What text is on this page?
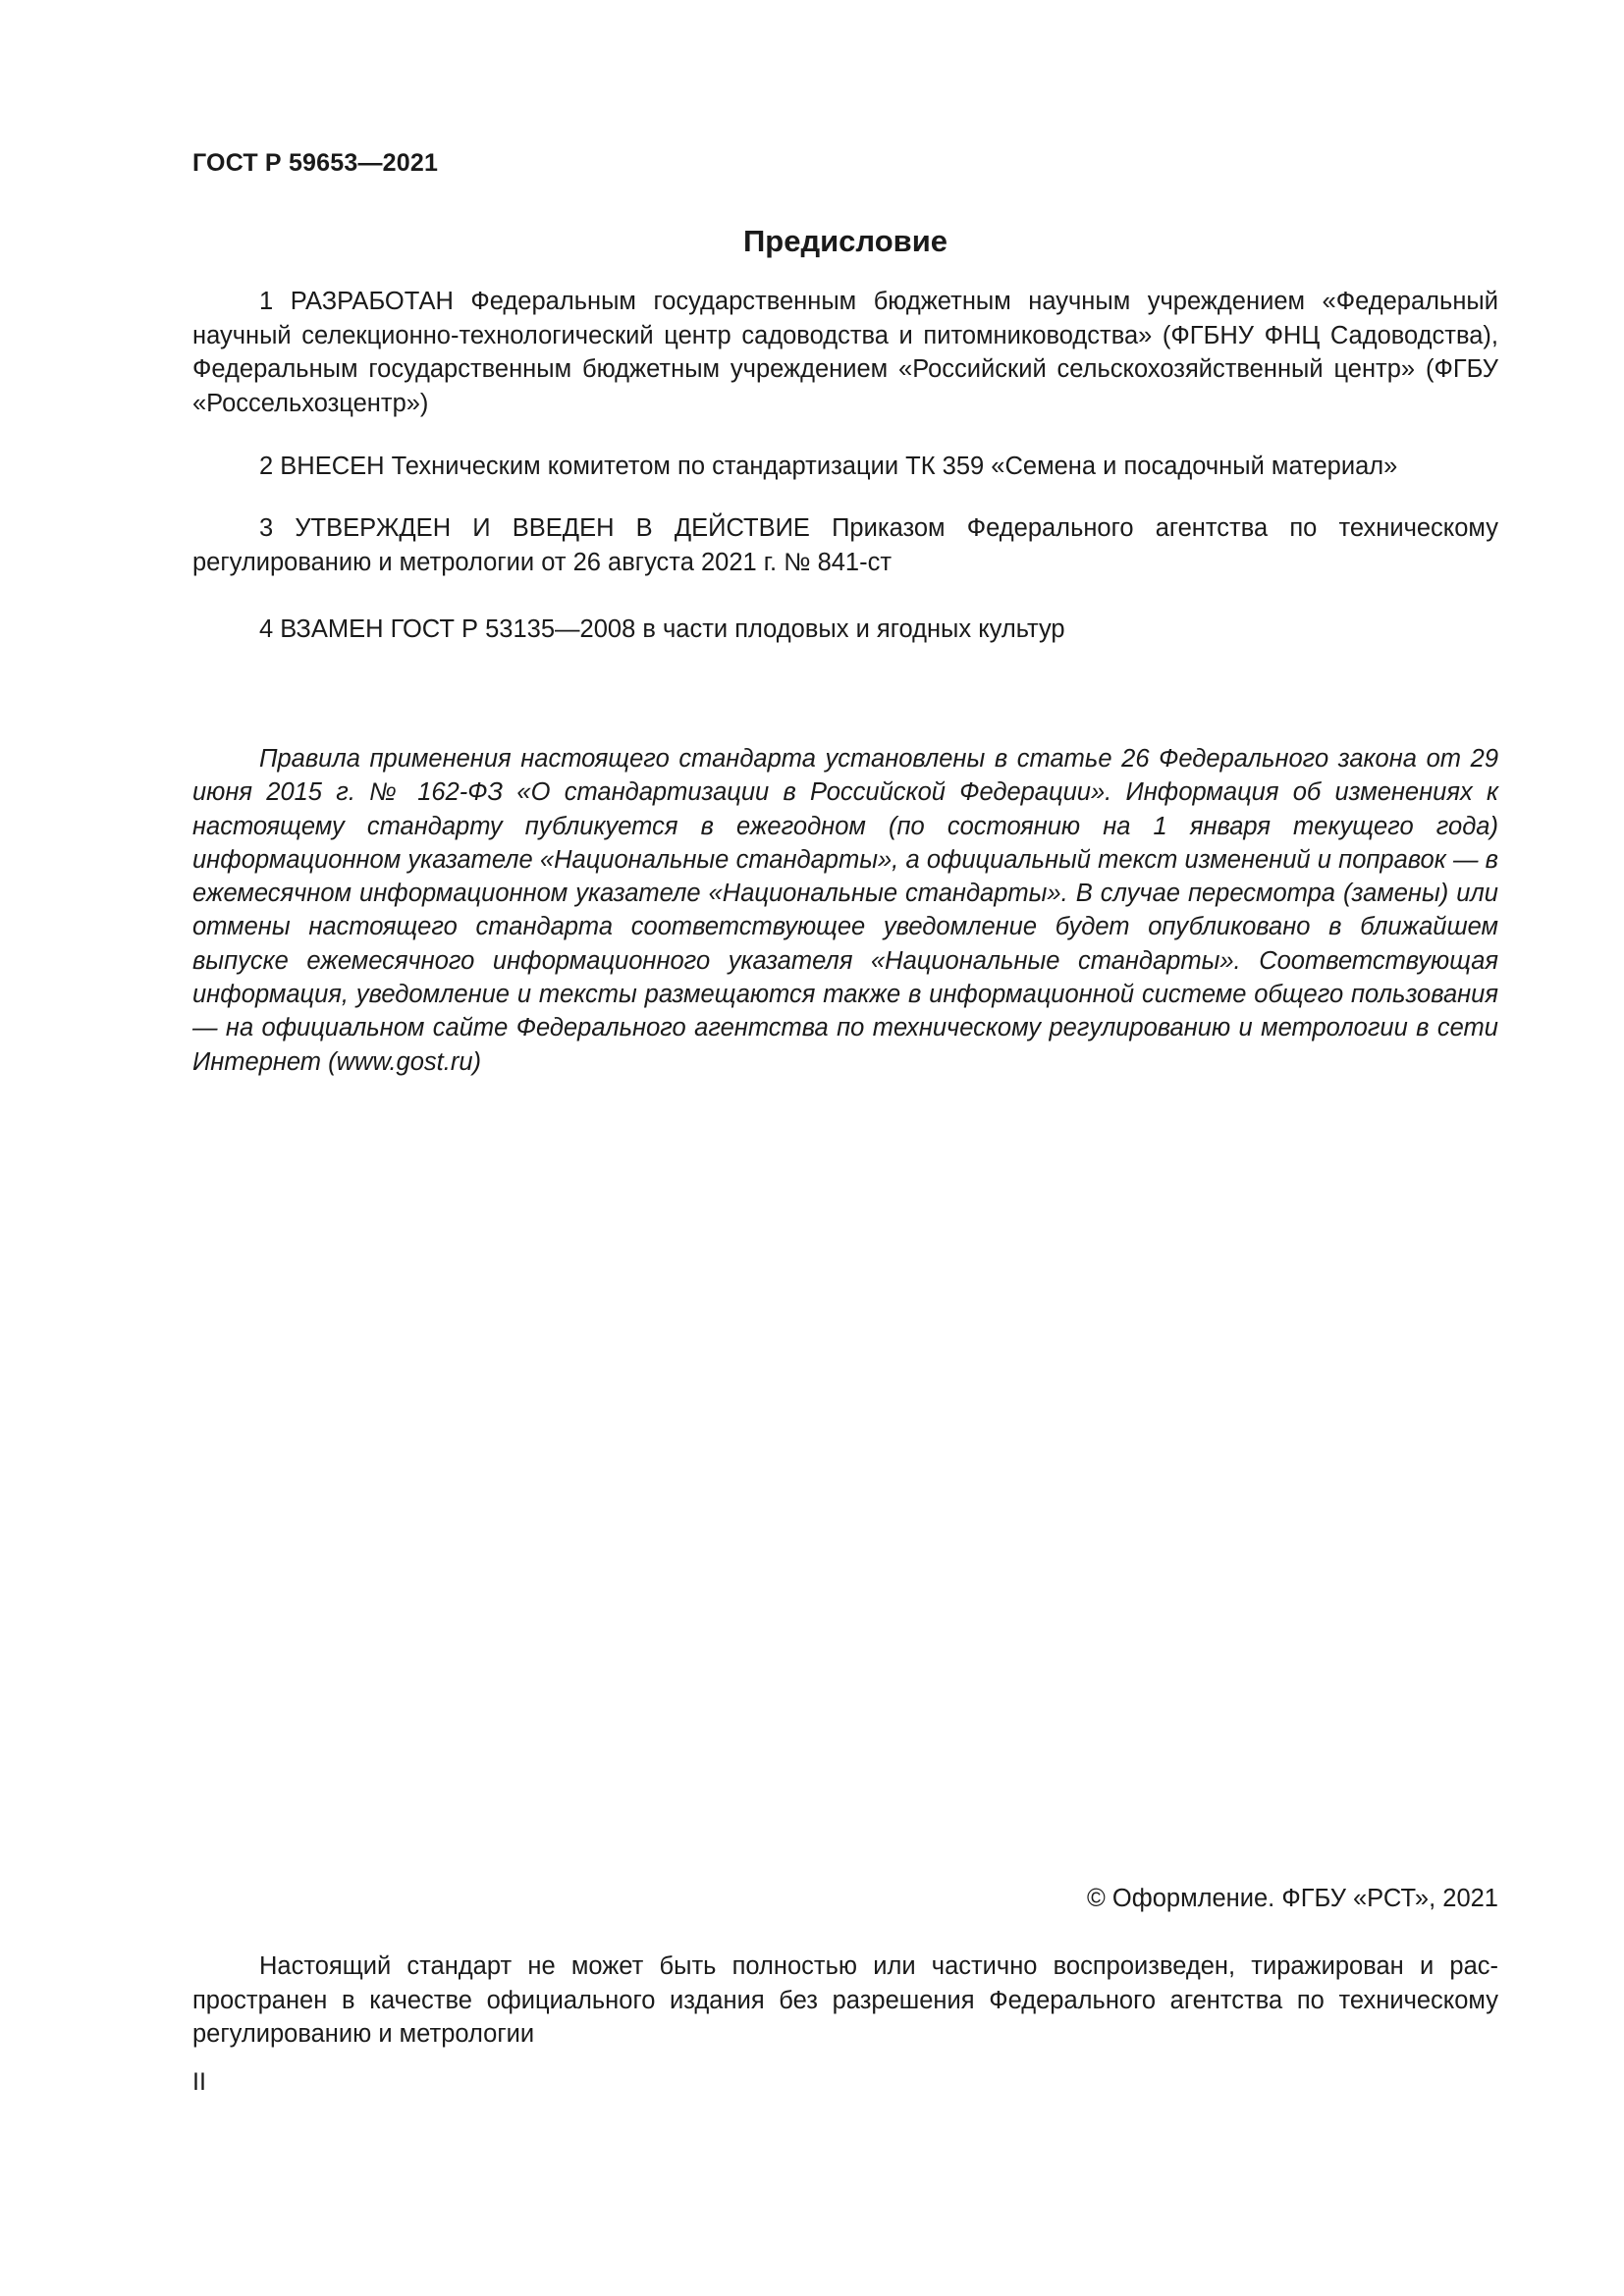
ГОСТ Р 59653—2021
Предисловие

1 РАЗРАБОТАН Федеральным государственным бюджетным научным учреждением «Федеральный научный селекционно-технологический центр садоводства и питомниководства» (ФГБНУ ФНЦ Садоводства), Федеральным государственным бюджетным учреждением «Российский сельскохозяйственный центр» (ФГБУ «Россельхозцентр»)

2 ВНЕСЕН Техническим комитетом по стандартизации ТК 359 «Семена и посадочный материал»

3 УТВЕРЖДЕН И ВВЕДЕН В ДЕЙСТВИЕ Приказом Федерального агентства по техническому регулированию и метрологии от 26 августа 2021 г. № 841-ст

4 ВЗАМЕН ГОСТ Р 53135—2008 в части плодовых и ягодных культур

Правила применения настоящего стандарта установлены в статье 26 Федерального закона от 29 июня 2015 г. № 162-ФЗ «О стандартизации в Российской Федерации». Информация об изменениях к настоящему стандарту публикуется в ежегодном (по состоянию на 1 января текущего года) информационном указателе «Национальные стандарты», а официальный текст изменений и поправок — в ежемесячном информационном указателе «Национальные стандарты». В случае пересмотра (замены) или отмены настоящего стандарта соответствующее уведомление будет опубликовано в ближайшем выпуске ежемесячного информационного указателя «Национальные стандарты». Соответствующая информация, уведомление и тексты размещаются также в информационной системе общего пользования — на официальном сайте Федерального агентства по техническому регулированию и метрологии в сети Интернет (www.gost.ru)

© Оформление. ФГБУ «РСТ», 2021

Настоящий стандарт не может быть полностью или частично воспроизведен, тиражирован и распространен в качестве официального издания без разрешения Федерального агентства по техническому регулированию и метрологии

II
